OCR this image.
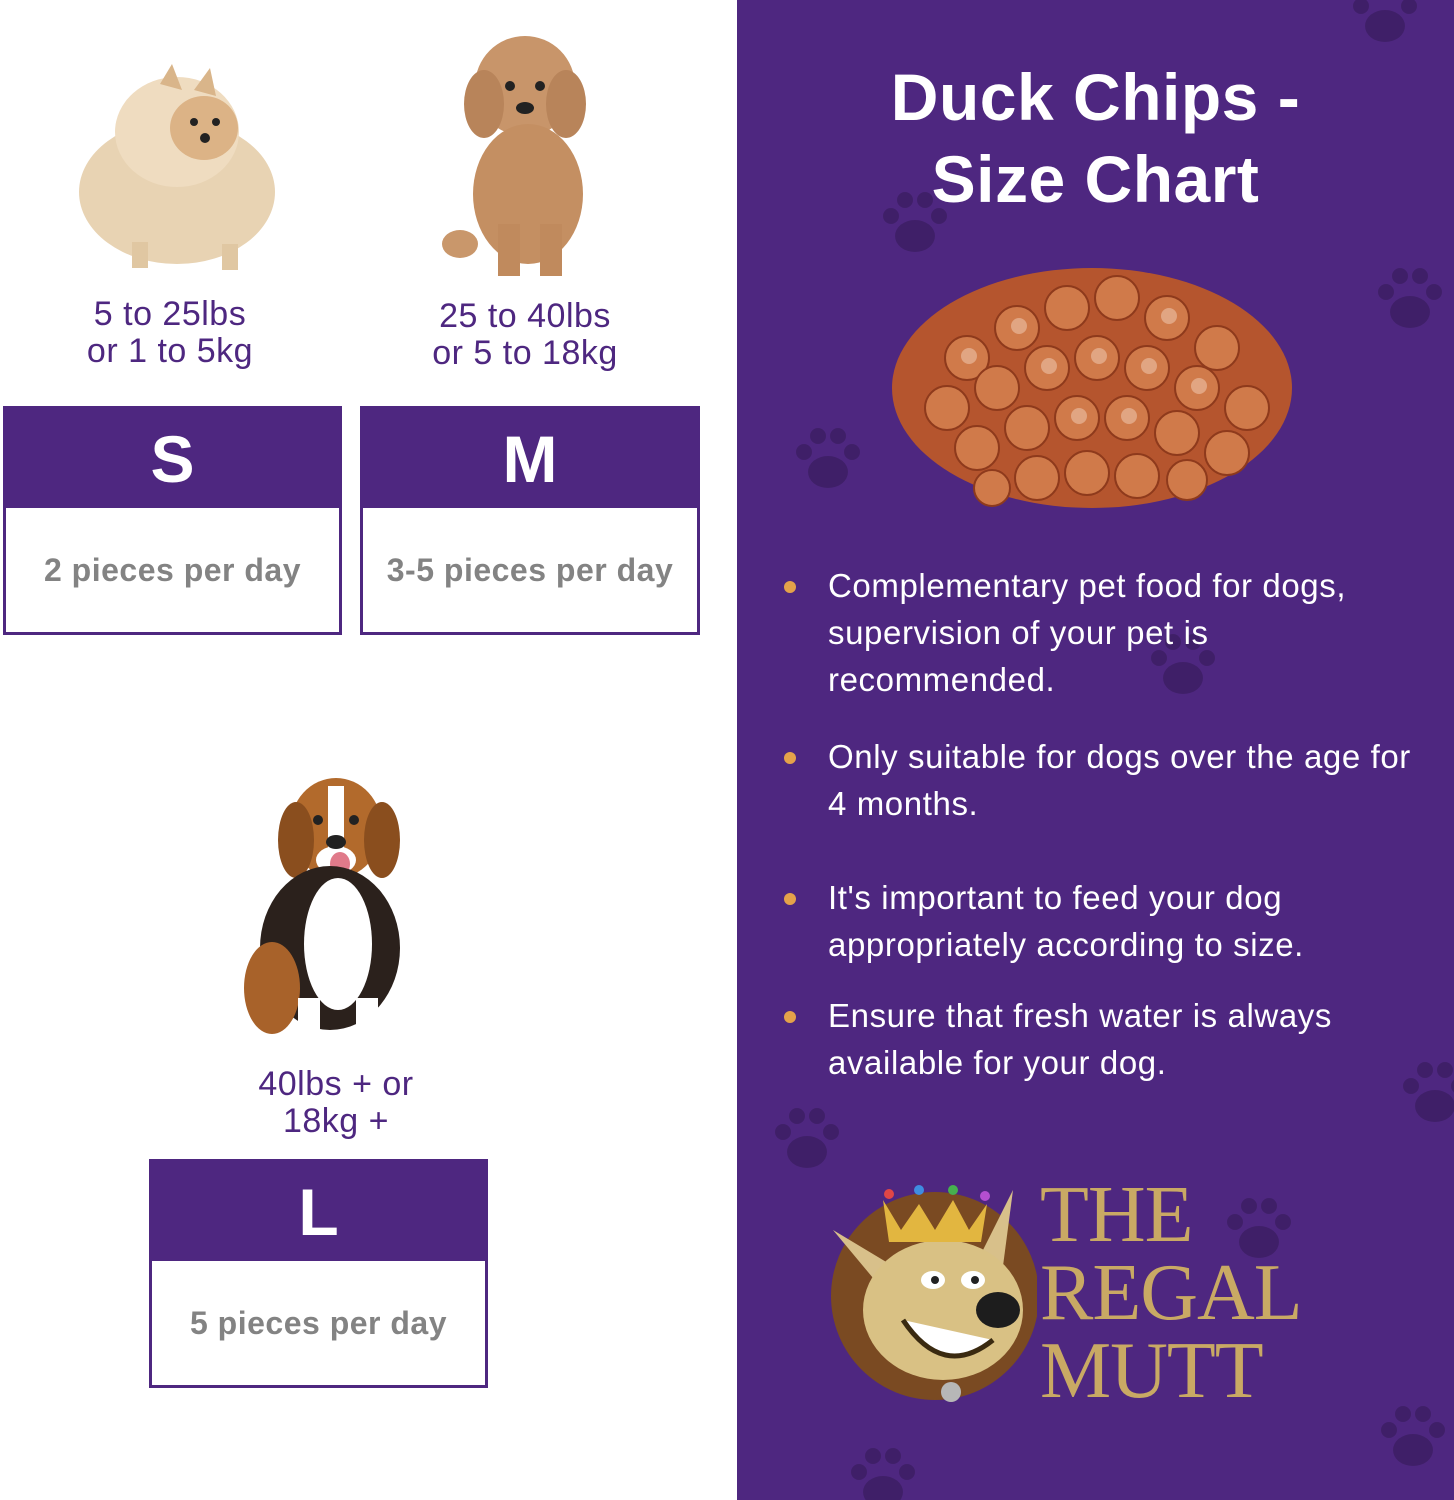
5 to 25lbs
or 1 to 5kg
25 to 40lbs
or 5 to 18kg
S
2 pieces per day
M
3-5 pieces per day
40lbs + or
18kg +
L
5 pieces per day
Duck Chips -
Size Chart
Complementary pet food for dogs, supervision of your pet is recommended.
Only suitable for dogs over the age for 4 months.
It's important to feed your dog appropriately according to size.
Ensure that fresh water is always available for your dog.
THE
REGAL
MUTT
